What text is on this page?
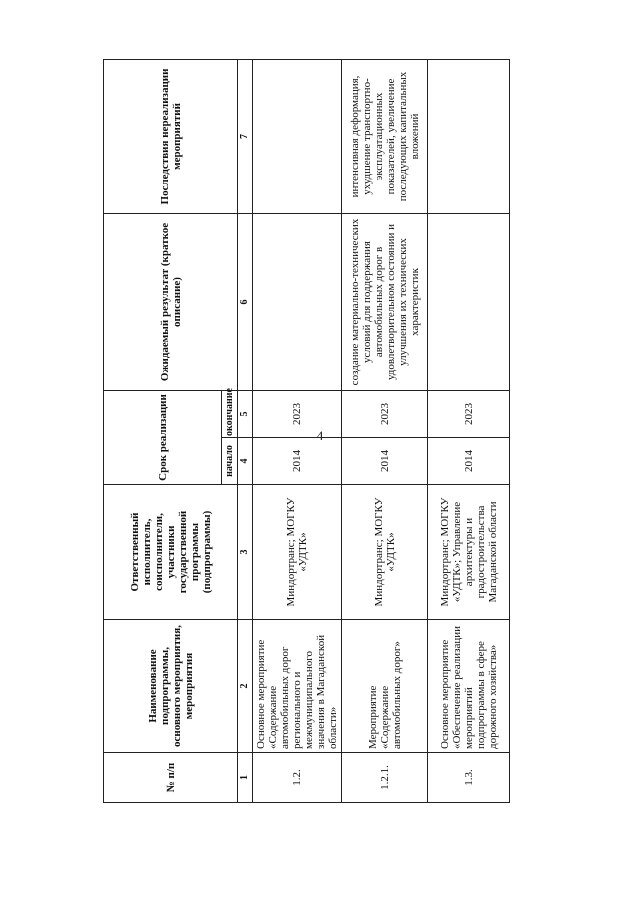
4
№ п/п	Наименование подпрограммы, основного мероприятия, мероприятия	Ответственный исполнитель, соисполнители, участники государственной программы (подпрограммы)	Срок реализации		Ожидаемый результат (краткое описание)	Последствия нереализации мероприятий
			начало	окончание		
1	2	3	4	5	6	7
1.2.	Основное мероприятие «Содержание автомобильных дорог регионального и межмуниципального значения в Магаданской области»	Миндортранс; МОГКУ «УДТК»	2014	2023		
1.2.1.	Мероприятие «Содержание автомобильных дорог»	Миндортранс; МОГКУ «УДТК»	2014	2023	создание материально-технических условий для поддержания автомобильных дорог в удовлетворительном состоянии и улучшения их технических характеристик	интенсивная деформация, ухудшение транспортно-эксплуатационных показателей, увеличение последующих капитальных вложений
1.3.	Основное мероприятие «Обеспечение реализации мероприятий подпрограммы в сфере дорожного хозяйства»	Миндортранс; МОГКУ «УДТК»; Управление архитектуры и градостроительства Магаданской области	2014	2023		
